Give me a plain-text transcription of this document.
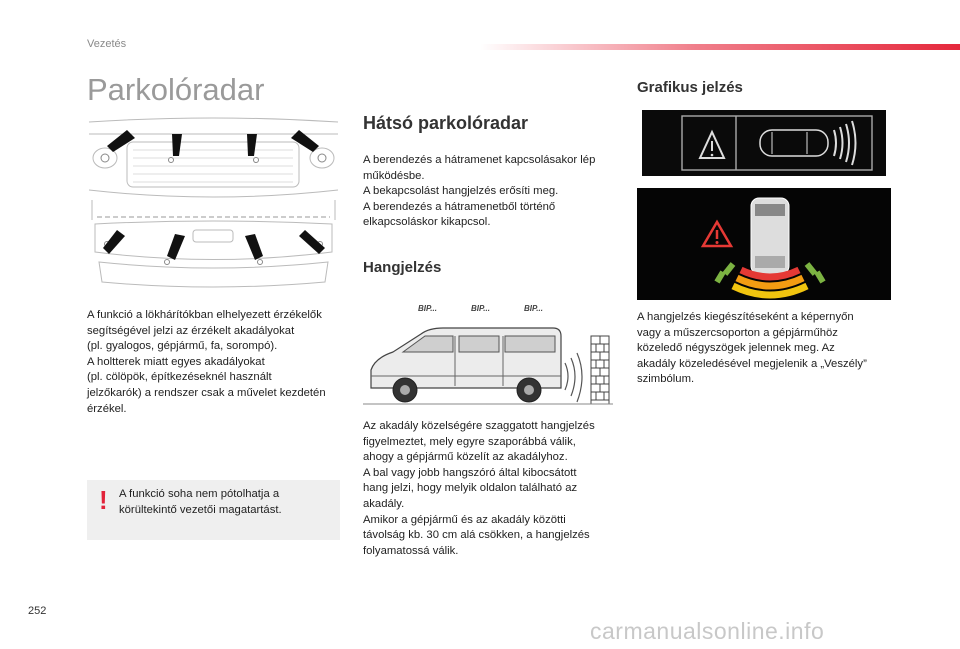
Vezetés
Parkolóradar
A funkció a lökhárítókban elhelyezett érzékelők
segítségével jelzi az érzékelt akadályokat
(pl. gyalogos, gépjármű, fa, sorompó).
A holtterek miatt egyes akadályokat
(pl. cölöpök, építkezéseknél használt
jelzőkarók) a rendszer csak a művelet kezdetén
érzékel.
! A funkció soha nem pótolhatja a
körültekintő vezetői magatartást.
Hátsó parkolóradar
A berendezés a hátramenet kapcsolásakor lép
működésbe.
A bekapcsolást hangjelzés erősíti meg.
A berendezés a hátramenetből történő
elkapcsoláskor kikapcsol.
Hangjelzés
BIP...	BIP...	BIP...
Az akadály közelségére szaggatott hangjelzés
figyelmeztet, mely egyre szaporábbá válik,
ahogy a gépjármű közelít az akadályhoz.
A bal vagy jobb hangszóró által kibocsátott
hang jelzi, hogy melyik oldalon található az
akadály.
Amikor a gépjármű és az akadály közötti
távolság kb. 30 cm alá csökken, a hangjelzés
folyamatossá válik.
Grafikus jelzés
A hangjelzés kiegészítéseként a képernyőn
vagy a műszercsoporton a gépjárműhöz
közeledő négyszögek jelennek meg. Az
akadály közeledésével megjelenik a „Veszély”
szimbólum.
252
carmanualsonline.info
